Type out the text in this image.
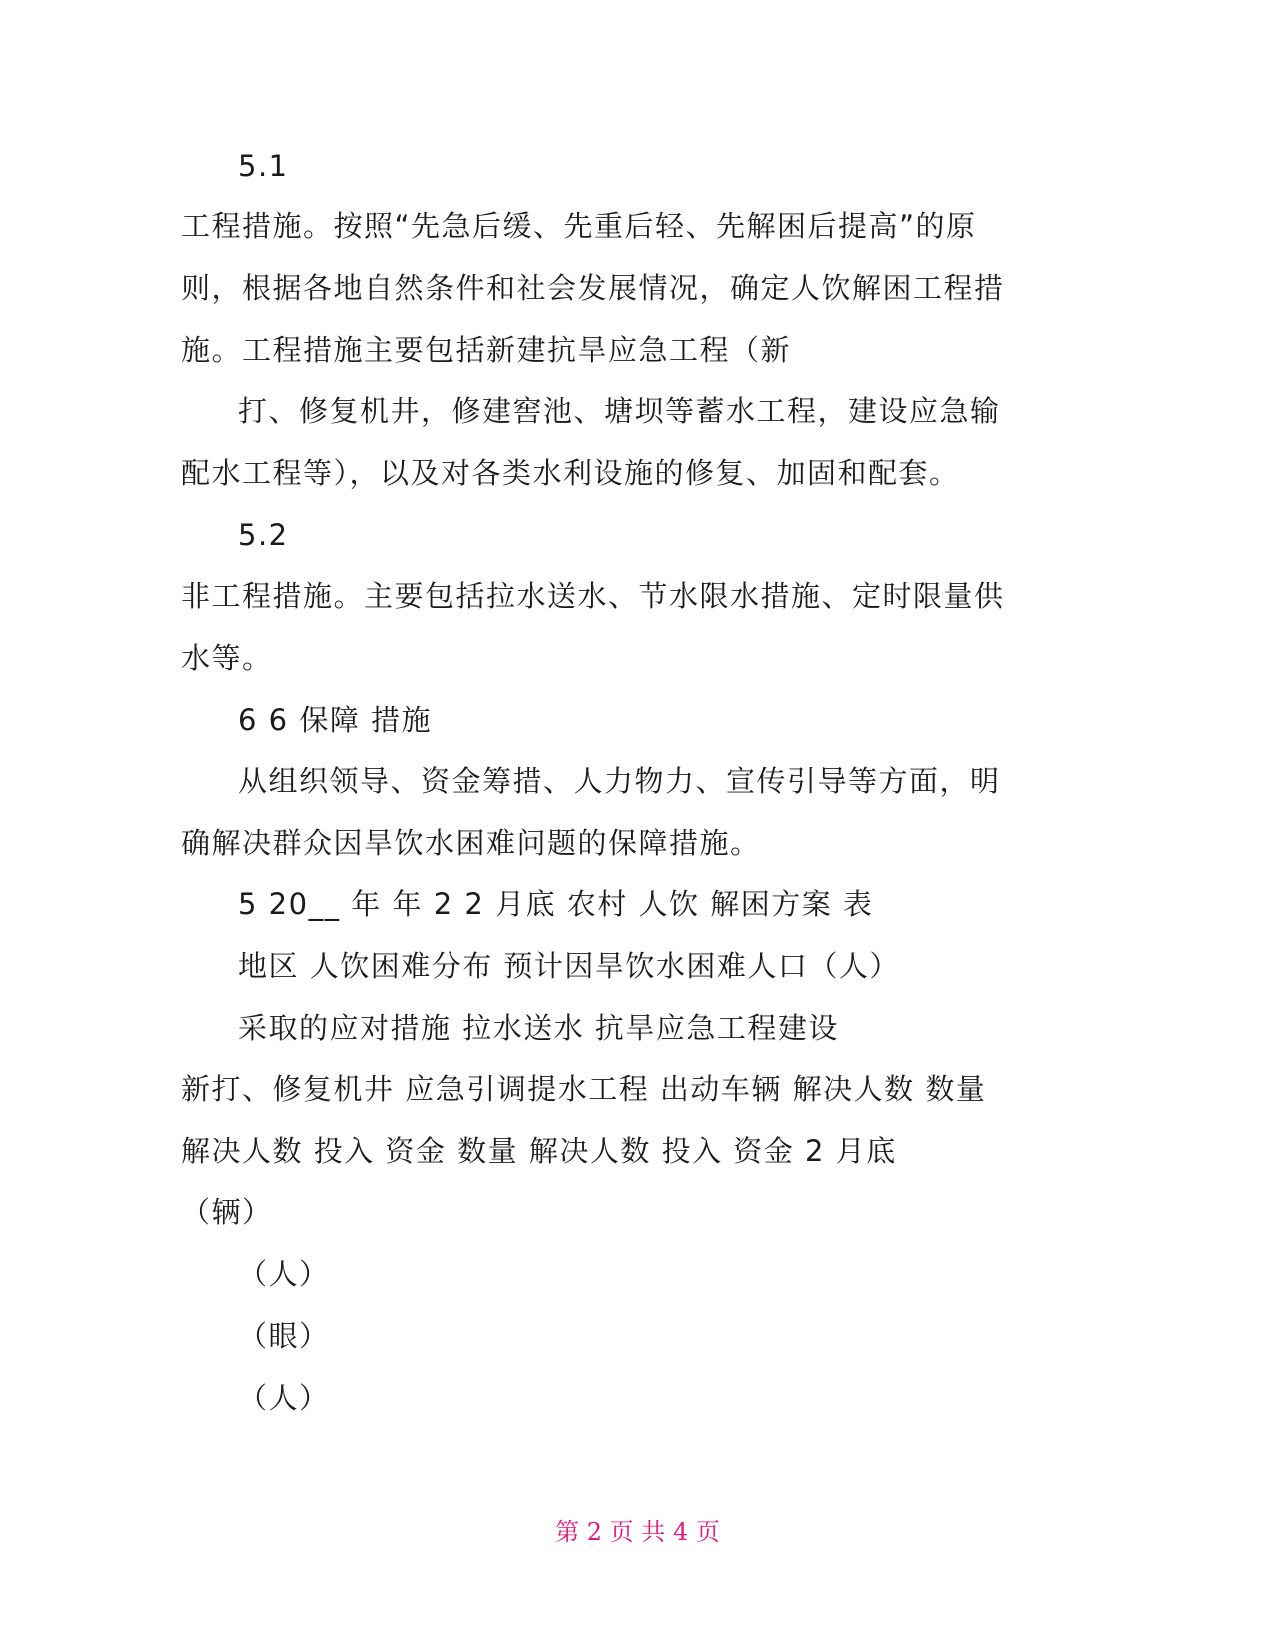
5.1
工程措施。按照“先急后缓、先重后轻、先解困后提高”的原
则，根据各地自然条件和社会发展情况，确定人饮解困工程措
施。工程措施主要包括新建抗旱应急工程（新
打、修复机井，修建窖池、塘坝等蓄水工程，建设应急输
配水工程等），以及对各类水利设施的修复、加固和配套。
5.2
非工程措施。主要包括拉水送水、节水限水措施、定时限量供
水等。
6 6 保障 措施
从组织领导、资金筹措、人力物力、宣传引导等方面，明
确解决群众因旱饮水困难问题的保障措施。
5 20__ 年 年 2 2 月底 农村 人饮 解困方案 表
地区 人饮困难分布 预计因旱饮水困难人口（人）
采取的应对措施 拉水送水 抗旱应急工程建设
新打、修复机井 应急引调提水工程 出动车辆 解决人数 数量
解决人数 投入 资金 数量 解决人数 投入 资金 2 月底
（辆）
（人）
（眼）
（人）
第 2 页 共 4 页
